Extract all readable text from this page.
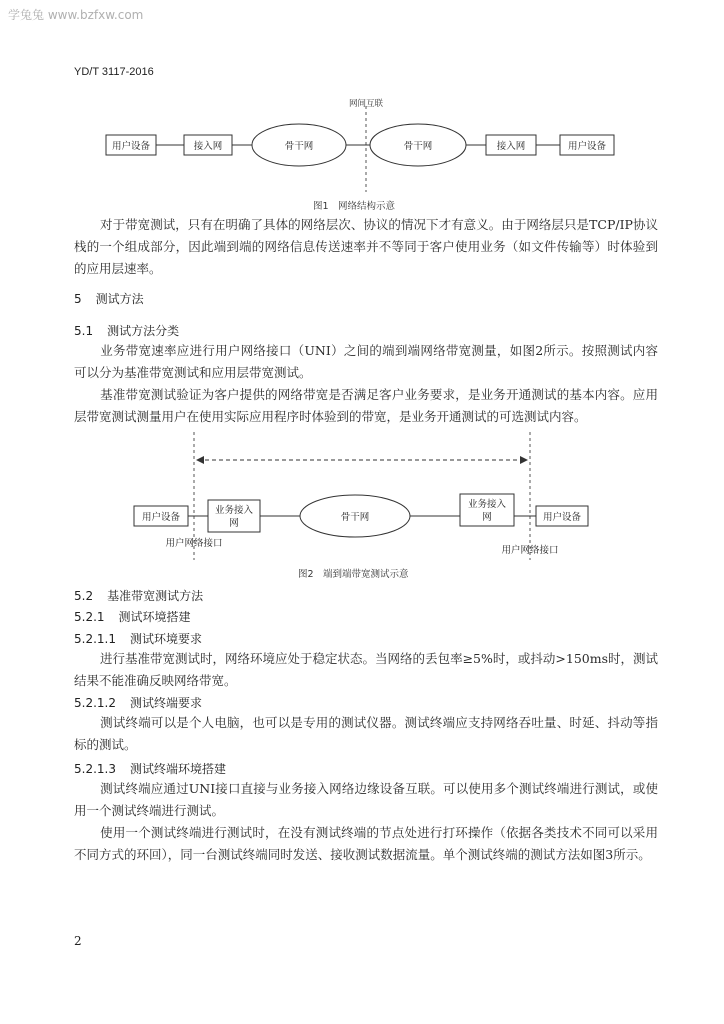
学兔兔 www.bzfxw.com
YD/T 3117-2016
网间互联
用户设备	接入网	骨干网	骨干网	接入网	用户设备
图1　网络结构示意
对于带宽测试，只有在明确了具体的网络层次、协议的情况下才有意义。由于网络层只是TCP/IP协议栈的一个组成部分，因此端到端的网络信息传送速率并不等同于客户使用业务（如文件传输等）时体验到的应用层速率。
5 测试方法
5.1 测试方法分类
业务带宽速率应进行用户网络接口（UNI）之间的端到端网络带宽测量，如图2所示。按照测试内容可以分为基准带宽测试和应用层带宽测试。
基准带宽测试验证为客户提供的网络带宽是否满足客户业务要求，是业务开通测试的基本内容。应用层带宽测试测量用户在使用实际应用程序时体验到的带宽，是业务开通测试的可选测试内容。
用户设备
业务接入
网
骨干网
业务接入
网	用户设备
用户网络接口
用户网络接口
图2　端到端带宽测试示意
5.2 基准带宽测试方法
5.2.1 测试环境搭建
5.2.1.1 测试环境要求
进行基准带宽测试时，网络环境应处于稳定状态。当网络的丢包率≥5%时，或抖动>150ms时，测试结果不能准确反映网络带宽。
5.2.1.2 测试终端要求
测试终端可以是个人电脑，也可以是专用的测试仪器。测试终端应支持网络吞吐量、时延、抖动等指标的测试。
5.2.1.3 测试终端环境搭建
测试终端应通过UNI接口直接与业务接入网络边缘设备互联。可以使用多个测试终端进行测试，或使用一个测试终端进行测试。
使用一个测试终端进行测试时，在没有测试终端的节点处进行打环操作（依据各类技术不同可以采用不同方式的环回），同一台测试终端同时发送、接收测试数据流量。单个测试终端的测试方法如图3所示。
2
